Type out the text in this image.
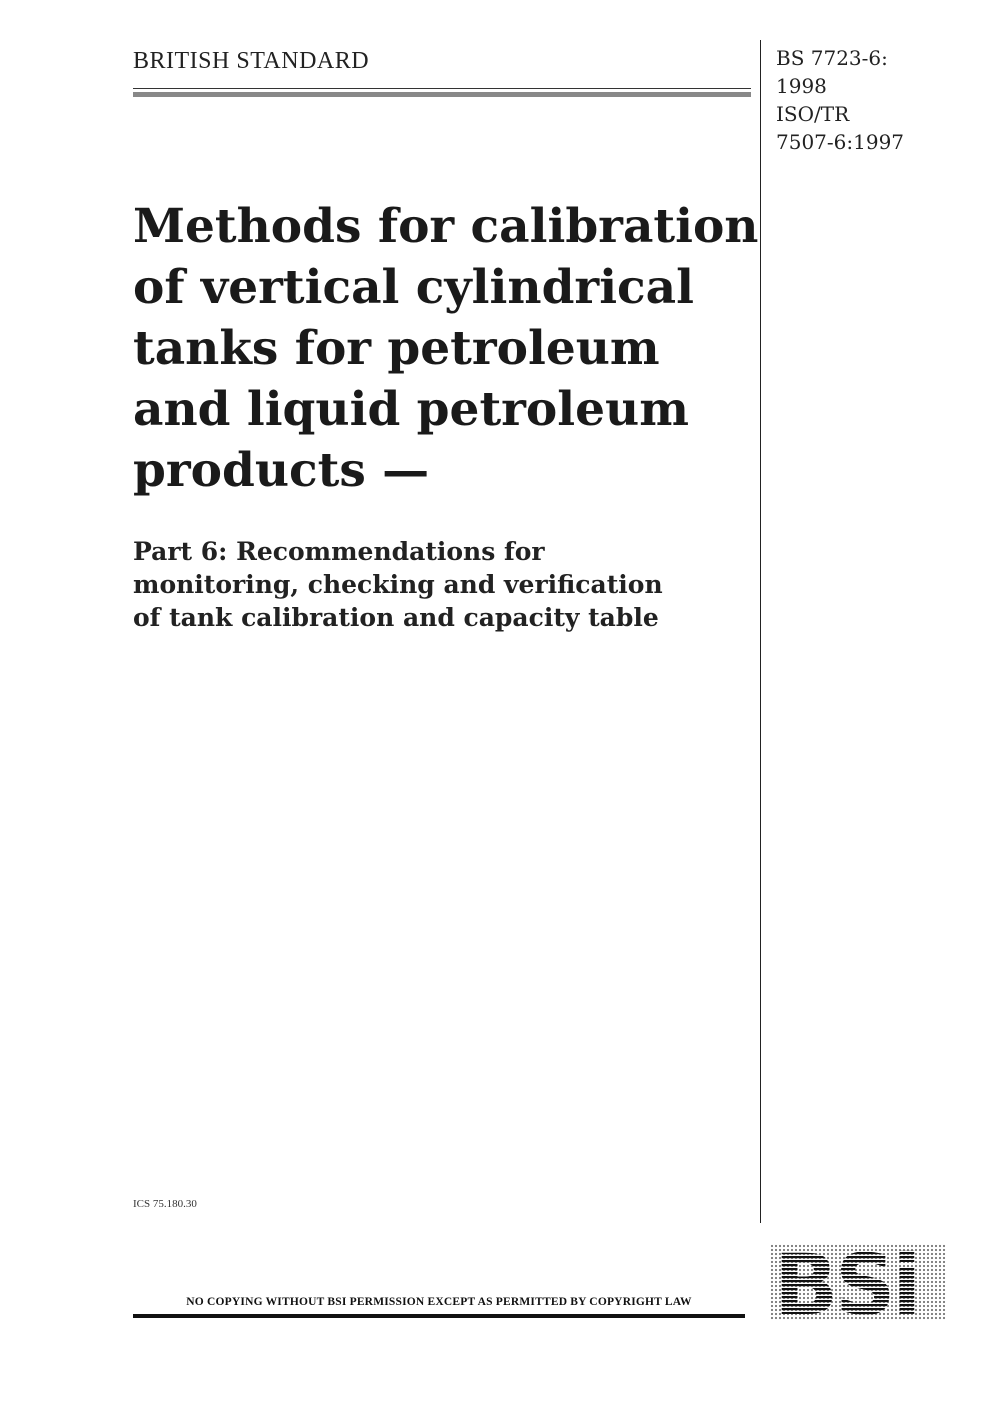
BRITISH STANDARD	BS 7723-6:
1998
ISO/TR
7507-6:1997
Methods for calibration
of vertical cylindrical
tanks for petroleum
and liquid petroleum
products —
Part 6: Recommendations for
monitoring, checking and verification
of tank calibration and capacity table
ICS 75.180.30
NO COPYING WITHOUT BSI PERMISSION EXCEPT AS PERMITTED BY COPYRIGHT LAW BSi
